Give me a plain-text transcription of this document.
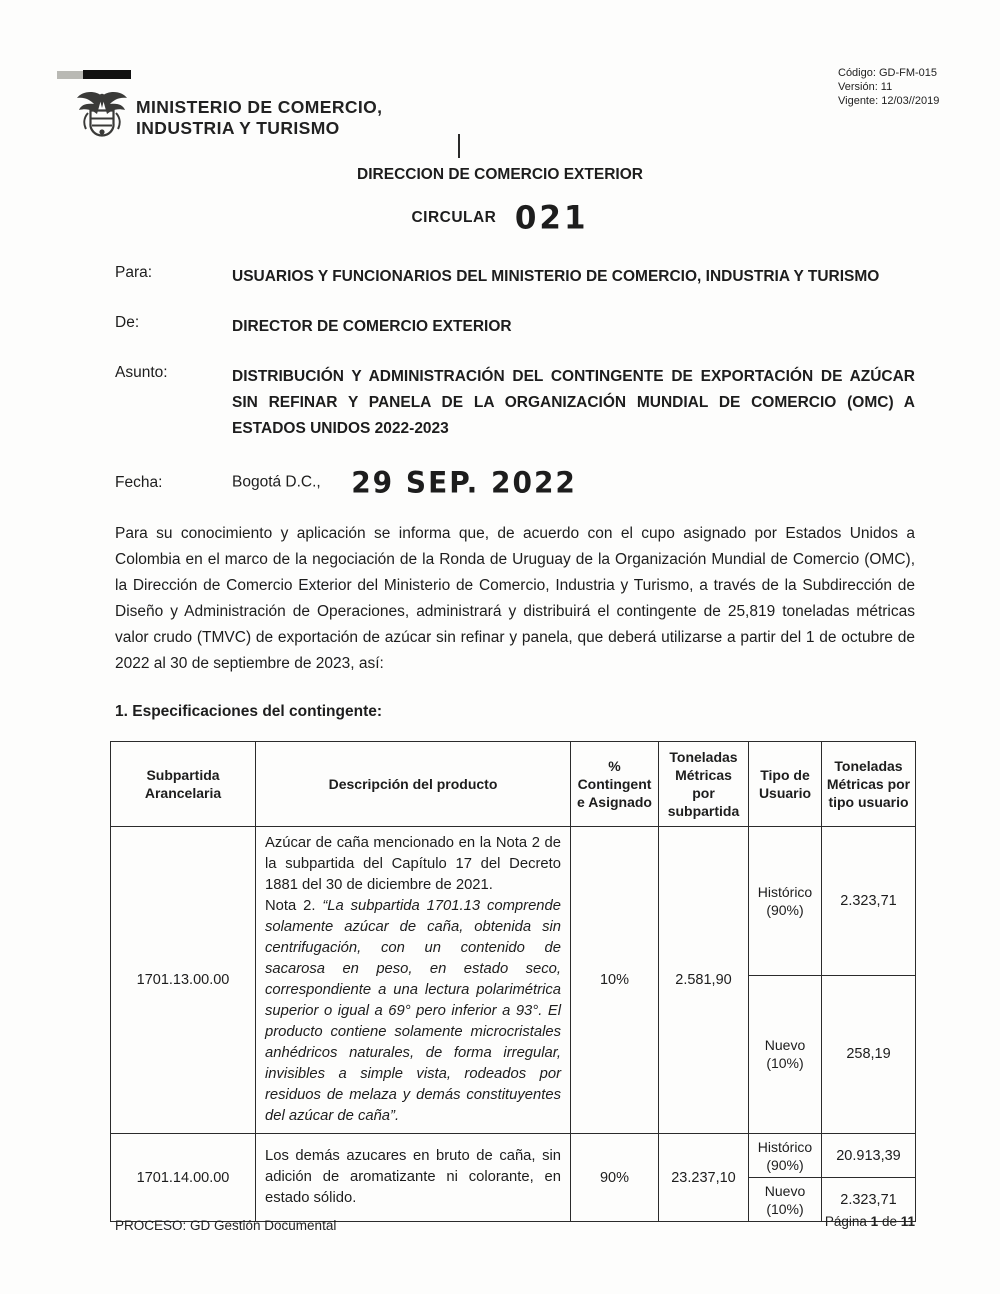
MINISTERIO DE COMERCIO,
INDUSTRIA Y TURISMO
Código: GD-FM-015
Versión: 11
Vigente: 12/03//2019
DIRECCION DE COMERCIO EXTERIOR
CIRCULAR 021
Para:	USUARIOS Y FUNCIONARIOS DEL MINISTERIO DE COMERCIO, INDUSTRIA Y TURISMO
De:	DIRECTOR DE COMERCIO EXTERIOR
Asunto:	DISTRIBUCIÓN Y ADMINISTRACIÓN DEL CONTINGENTE DE EXPORTACIÓN DE AZÚCAR SIN REFINAR Y PANELA DE LA ORGANIZACIÓN MUNDIAL DE COMERCIO (OMC) A ESTADOS UNIDOS 2022-2023
Fecha:	Bogotá D.C., 29 SEP. 2022

Para su conocimiento y aplicación se informa que, de acuerdo con el cupo asignado por Estados Unidos a Colombia en el marco de la negociación de la Ronda de Uruguay de la Organización Mundial de Comercio (OMC), la Dirección de Comercio Exterior del Ministerio de Comercio, Industria y Turismo, a través de la Subdirección de Diseño y Administración de Operaciones, administrará y distribuirá el contingente de 25,819 toneladas métricas valor crudo (TMVC) de exportación de azúcar sin refinar y panela, que deberá utilizarse a partir del 1 de octubre de 2022 al 30 de septiembre de 2023, así:

1. Especificaciones del contingente:
Subpartida Arancelaria	Descripción del producto	% Contingente Asignado	Toneladas Métricas por subpartida	Tipo de Usuario	Toneladas Métricas por tipo usuario
1701.13.00.00	Azúcar de caña mencionado en la Nota 2 de la subpartida del Capítulo 17 del Decreto 1881 del 30 de diciembre de 2021.
Nota 2. “La subpartida 1701.13 comprende solamente azúcar de caña, obtenida sin centrifugación, con un contenido de sacarosa en peso, en estado seco, correspondiente a una lectura polarimétrica superior o igual a 69° pero inferior a 93°. El producto contiene solamente microcristales anhédricos naturales, de forma irregular, invisibles a simple vista, rodeados por residuos de melaza y demás constituyentes del azúcar de caña”.	10%	2.581,90	Histórico (90%)	2.323,71
				Nuevo (10%)	258,19
1701.14.00.00	Los demás azucares en bruto de caña, sin adición de aromatizante ni colorante, en estado sólido.	90%	23.237,10	Histórico (90%)	20.913,39
				Nuevo (10%)	2.323,71
PROCESO: GD Gestión Documental	Página 1 de 11
